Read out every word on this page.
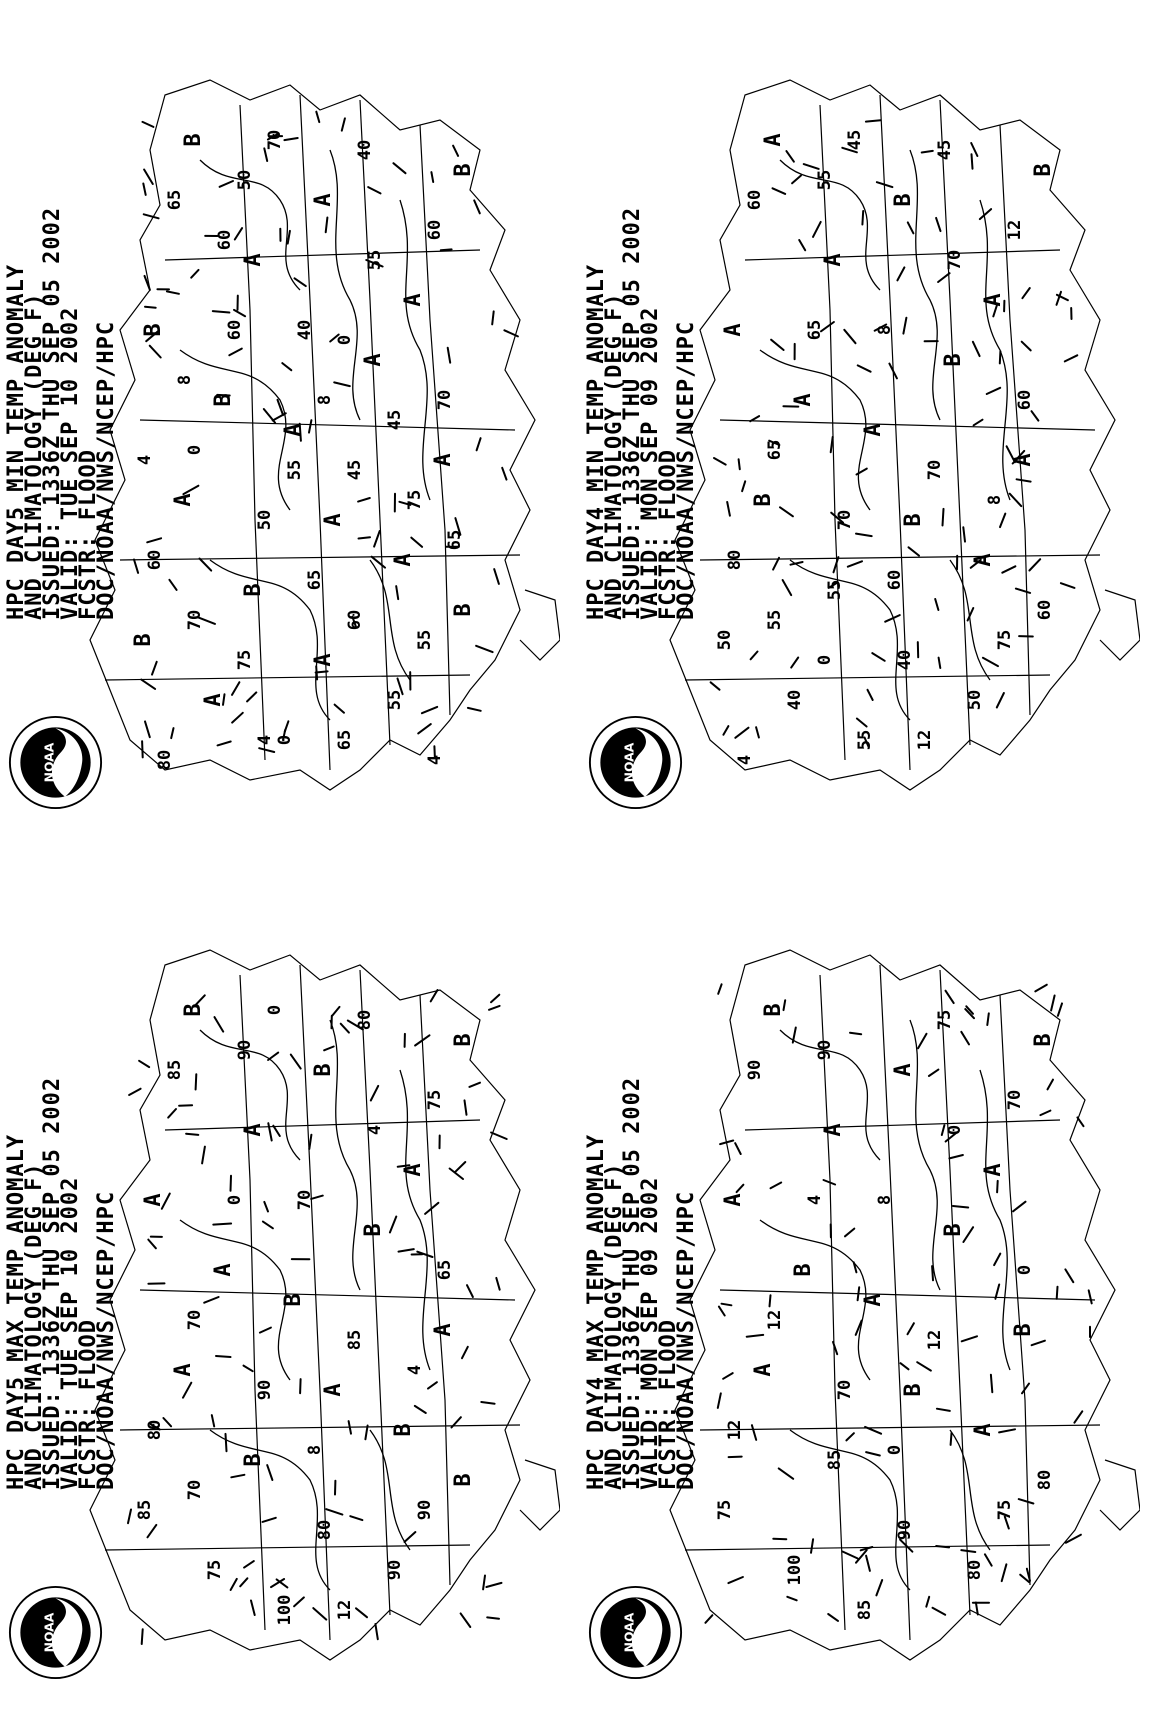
B
B
A
A
A
B
A
B
A
A
A
A
A
B
B
B
A
A	55
0
65
50
40
60
40
0
45
50
55
60
55
60
65
70
70
65
70
75
80
75
60
65
60
55
45
8
8
4
4
4
0
NOAA
HPC DAY5 MIN TEMP ANOMALY
AND CLIMATOLOGY (DEG F)
ISSUED: 1336Z THU SEP 05 2002
VALID: TUE SEP 10 2002
FCSTR: FLOOD
DOC/NOAA/NWS/NCEP/HPC
B
A
B
A
A
A
B
A
A
A
B
B
A
55
60
50
40
40	50
55
60
55
45
12
8
65
70
70
75
80
70
65
60
60
55
12
45
8
4
0
NOAA
HPC DAY4 MIN TEMP ANOMALY
AND CLIMATOLOGY (DEG F)
ISSUED: 1336Z THU SEP 05 2002
VALID: MON SEP 09 2002
FCSTR: FLOOD
DOC/NOAA/NWS/NCEP/HPC
B
B
B
A
A
A
B
A
B
A
A
A
B
B
B
85
80
75	90
100
85
90
80
75
70
70
85
90
90
80
4
0
8
65
70
12
0
4
NOAA
HPC DAY5 MAX TEMP ANOMALY
AND CLIMATOLOGY (DEG F)
ISSUED: 1336Z THU SEP 05 2002
VALID: TUE SEP 10 2002
FCSTR: FLOOD
DOC/NOAA/NWS/NCEP/HPC
B
B
A
A
A
A
B
B
A
B
A
B
A
85
80
75
90
100	80
85
90
90
75
70
8
12
12
70
75
12
0
4
0
0
NOAA
HPC DAY4 MAX TEMP ANOMALY
AND CLIMATOLOGY (DEG F)
ISSUED: 1336Z THU SEP 05 2002
VALID: MON SEP 09 2002
FCSTR: FLOOD
DOC/NOAA/NWS/NCEP/HPC
